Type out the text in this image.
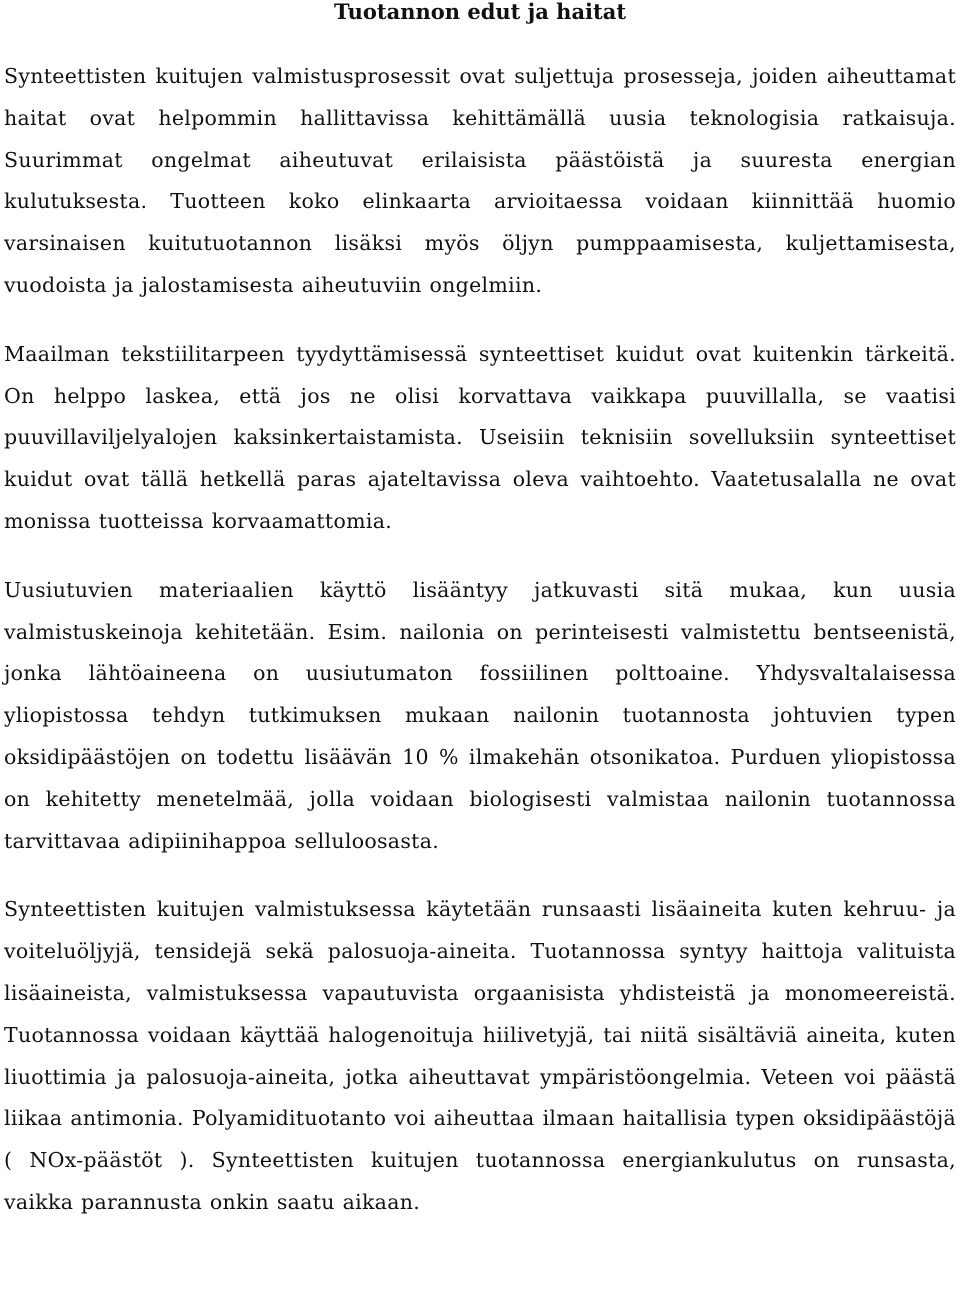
Tuotannon edut ja haitat

Synteettisten kuitujen valmistusprosessit ovat suljettuja prosesseja, joiden aiheuttamat haitat ovat helpommin hallittavissa kehittämällä uusia teknologisia ratkaisuja. Suurimmat ongelmat aiheutuvat erilaisista päästöistä ja suuresta energian kulutuksesta. Tuotteen koko elinkaarta arvioitaessa voidaan kiinnittää huomio varsinaisen kuitutuotannon lisäksi myös öljyn pumppaamisesta, kuljettamisesta, vuodoista ja jalostamisesta aiheutuviin ongelmiin.

Maailman tekstiilitarpeen tyydyttämisessä synteettiset kuidut ovat kuitenkin tärkeitä. On helppo laskea, että jos ne olisi korvattava vaikkapa puuvillalla, se vaatisi puuvillaviljelyalojen kaksinkertaistamista. Useisiin teknisiin sovelluksiin synteettiset kuidut ovat tällä hetkellä paras ajateltavissa oleva vaihtoehto. Vaatetusalalla ne ovat monissa tuotteissa korvaamattomia.

Uusiutuvien materiaalien käyttö lisääntyy jatkuvasti sitä mukaa, kun uusia valmistuskeinoja kehitetään. Esim. nailonia on perinteisesti valmistettu bentseenistä, jonka lähtöaineena on uusiutumaton fossiilinen polttoaine. Yhdysvaltalaisessa yliopistossa tehdyn tutkimuksen mukaan nailonin tuotannosta johtuvien typen oksidipäästöjen on todettu lisäävän 10 % ilmakehän otsonikatoa. Purduen yliopistossa on kehitetty menetelmää, jolla voidaan biologisesti valmistaa nailonin tuotannossa tarvittavaa adipiinihappoa selluloosasta.

Synteettisten kuitujen valmistuksessa käytetään runsaasti lisäaineita kuten kehruu- ja voiteluöljyjä, tensidejä sekä palosuoja-aineita. Tuotannossa syntyy haittoja valituista lisäaineista, valmistuksessa vapautuvista orgaanisista yhdisteistä ja monomeereistä. Tuotannossa voidaan käyttää halogenoituja hiilivetyjä, tai niitä sisältäviä aineita, kuten liuottimia ja palosuoja-aineita, jotka aiheuttavat ympäristöongelmia. Veteen voi päästä liikaa antimonia. Polyamidituotanto voi aiheuttaa ilmaan haitallisia typen oksidipäästöjä ( NOx-päästöt ). Synteettisten kuitujen tuotannossa energiankulutus on runsasta, vaikka parannusta onkin saatu aikaan.
